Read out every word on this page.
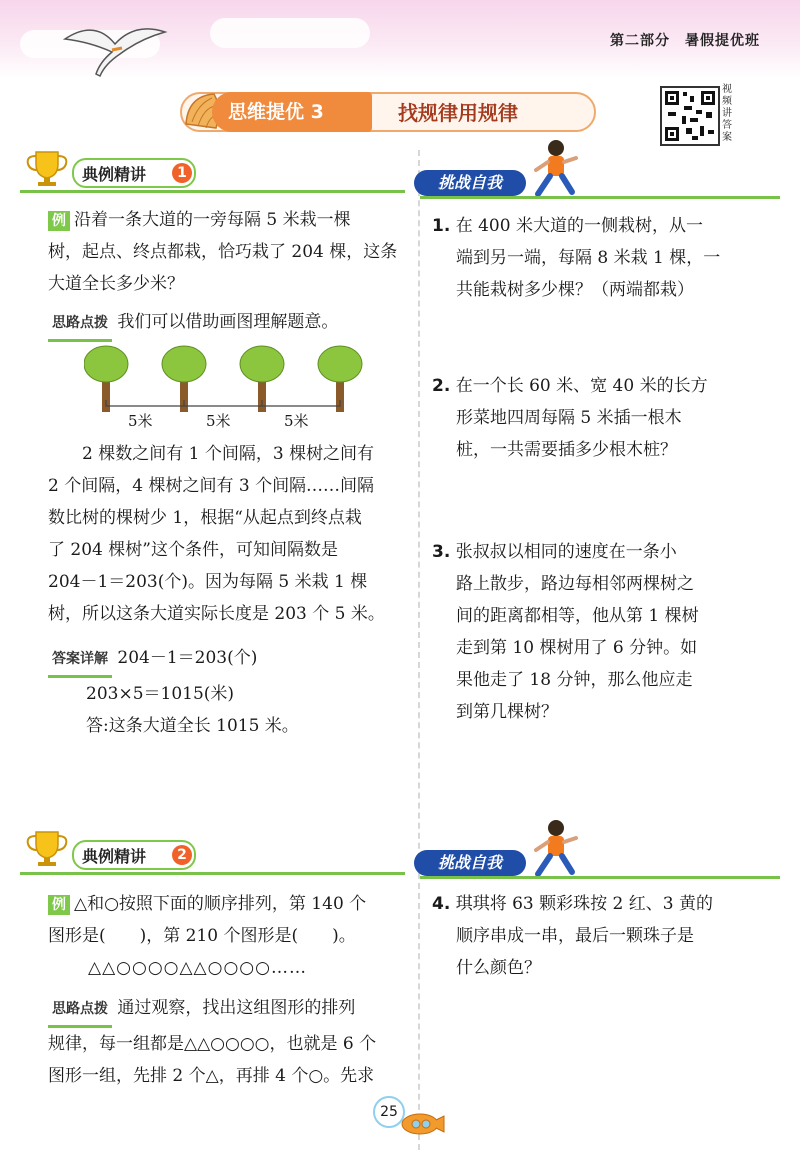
第二部分　暑假提优班
思维提优 3	找规律用规律
视频讲答案
典例精讲	1
例 沿着一条大道的一旁每隔 5 米栽一棵
树，起点、终点都栽，恰巧栽了 204 棵，这条
大道全长多少米？
思路点拨 我们可以借助画图理解题意。
5米	5米	5米
2 棵数之间有 1 个间隔，3 棵树之间有
2 个间隔，4 棵树之间有 3 个间隔……间隔
数比树的棵树少 1，根据“从起点到终点栽
了 204 棵树”这个条件，可知间隔数是
204－1＝203(个)。因为每隔 5 米栽 1 棵
树，所以这条大道实际长度是 203 个 5 米。
答案详解 204－1＝203(个)
203×5＝1015(米)
答:这条大道全长 1015 米。
挑战自我
1. 在 400 米大道的一侧栽树，从一
端到另一端，每隔 8 米栽 1 棵，一
共能栽树多少棵？（两端都栽）
2. 在一个长 60 米、宽 40 米的长方
形菜地四周每隔 5 米插一根木
桩，一共需要插多少根木桩？
3. 张叔叔以相同的速度在一条小
路上散步，路边每相邻两棵树之
间的距离都相等，他从第 1 棵树
走到第 10 棵树用了 6 分钟。如
果他走了 18 分钟，那么他应走
到第几棵树？
典例精讲	2
例 △和○按照下面的顺序排列，第 140 个
图形是(　　)，第 210 个图形是(　　)。
△△○○○○△△○○○○……
思路点拨 通过观察，找出这组图形的排列
规律，每一组都是△△○○○○，也就是 6 个
图形一组，先排 2 个△，再排 4 个○。先求
挑战自我
4. 琪琪将 63 颗彩珠按 2 红、3 黄的
顺序串成一串，最后一颗珠子是
什么颜色？
25
